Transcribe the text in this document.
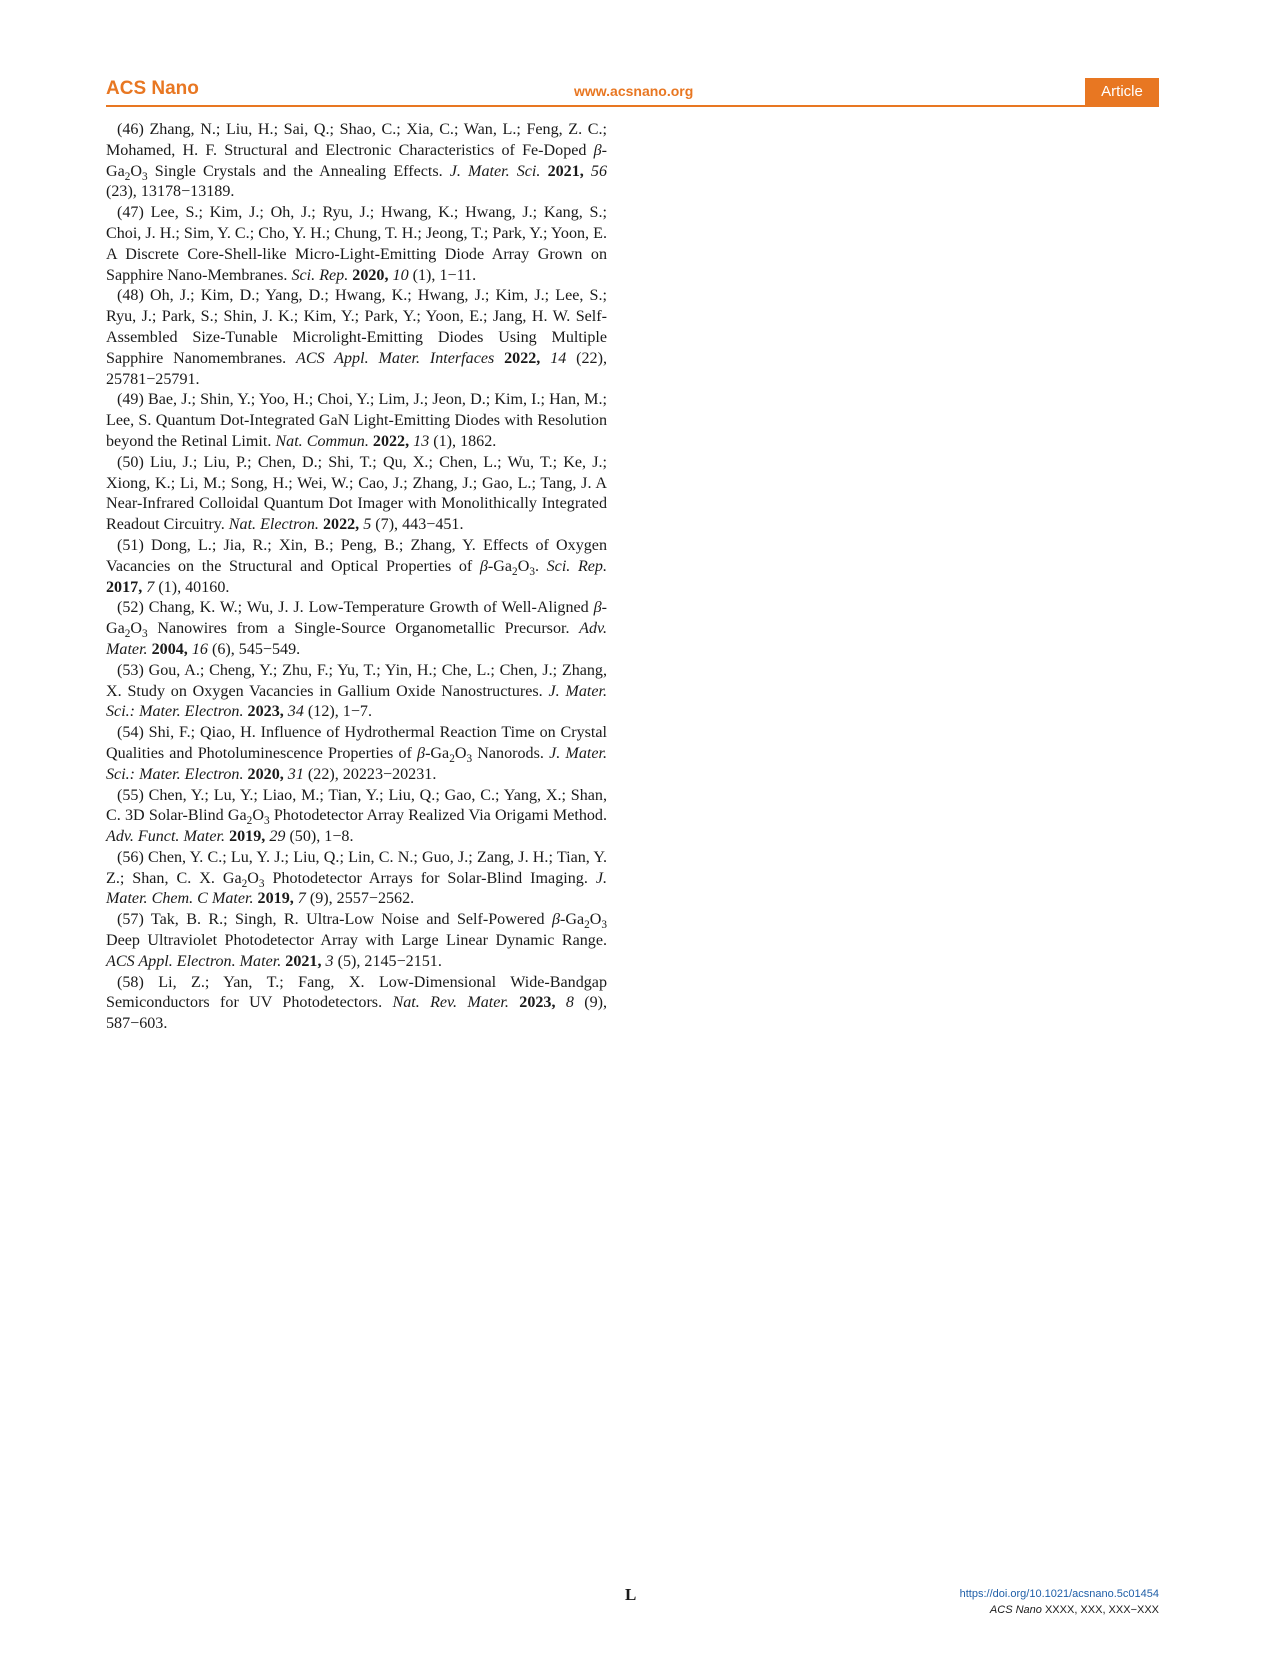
ACS Nano	www.acsnano.org	Article

(46) Zhang, N.; Liu, H.; Sai, Q.; Shao, C.; Xia, C.; Wan, L.; Feng, Z. C.; Mohamed, H. F. Structural and Electronic Characteristics of Fe-Doped β- $Ga_2O_3$ Single Crystals and the Annealing Effects. J. Mater. Sci. 2021, 56 (23), 13178−13189.

(47) Lee, S.; Kim, J.; Oh, J.; Ryu, J.; Hwang, K.; Hwang, J.; Kang, S.; Choi, J. H.; Sim, Y. C.; Cho, Y. H.; Chung, T. H.; Jeong, T.; Park, Y.; Yoon, E. A Discrete Core-Shell-like Micro-Light-Emitting Diode Array Grown on Sapphire Nano-Membranes. Sci. Rep. 2020, 10 (1), 1−11.

(48) Oh, J.; Kim, D.; Yang, D.; Hwang, K.; Hwang, J.; Kim, J.; Lee, S.; Ryu, J.; Park, S.; Shin, J. K.; Kim, Y.; Park, Y.; Yoon, E.; Jang, H. W. Self-Assembled Size-Tunable Microlight-Emitting Diodes Using Multiple Sapphire Nanomembranes. ACS Appl. Mater. Interfaces 2022, 14 (22), 25781−25791.

(49) Bae, J.; Shin, Y.; Yoo, H.; Choi, Y.; Lim, J.; Jeon, D.; Kim, I.; Han, M.; Lee, S. Quantum Dot-Integrated GaN Light-Emitting Diodes with Resolution beyond the Retinal Limit. Nat. Commun. 2022, 13 (1), 1862.

(50) Liu, J.; Liu, P.; Chen, D.; Shi, T.; Qu, X.; Chen, L.; Wu, T.; Ke, J.; Xiong, K.; Li, M.; Song, H.; Wei, W.; Cao, J.; Zhang, J.; Gao, L.; Tang, J. A Near-Infrared Colloidal Quantum Dot Imager with Monolithically Integrated Readout Circuitry. Nat. Electron. 2022, 5 (7), 443−451.

(51) Dong, L.; Jia, R.; Xin, B.; Peng, B.; Zhang, Y. Effects of Oxygen Vacancies on the Structural and Optical Properties of $\beta-Ga_2O_3$. Sci. Rep. 2017, 7 (1), 40160.

(52) Chang, K. W.; Wu, J. J. Low-Temperature Growth of Well-Aligned $\beta-Ga_2O_3$ Nanowires from a Single-Source Organometallic Precursor. Adv. Mater. 2004, 16 (6), 545−549.

(53) Gou, A.; Cheng, Y.; Zhu, F.; Yu, T.; Yin, H.; Che, L.; Chen, J.; Zhang, X. Study on Oxygen Vacancies in Gallium Oxide Nanostructures. J. Mater. Sci.: Mater. Electron. 2023, 34 (12), 1−7.

(54) Shi, F.; Qiao, H. Influence of Hydrothermal Reaction Time on Crystal Qualities and Photoluminescence Properties of $\beta-Ga_2O_3$ Nanorods. J. Mater. Sci.: Mater. Electron. 2020, 31 (22), 20223−20231.

(55) Chen, Y.; Lu, Y.; Liao, M.; Tian, Y.; Liu, Q.; Gao, C.; Yang, X.; Shan, C. 3D Solar-Blind $Ga_2O_3$ Photodetector Array Realized Via Origami Method. Adv. Funct. Mater. 2019, 29 (50), 1−8.

(56) Chen, Y. C.; Lu, Y. J.; Liu, Q.; Lin, C. N.; Guo, J.; Zang, J. H.; Tian, Y. Z.; Shan, C. X. $Ga_2O_3$ Photodetector Arrays for Solar-Blind Imaging. J. Mater. Chem. C Mater. 2019, 7 (9), 2557−2562.

(57) Tak, B. R.; Singh, R. Ultra-Low Noise and Self-Powered $\beta-Ga_2O_3$ Deep Ultraviolet Photodetector Array with Large Linear Dynamic Range. ACS Appl. Electron. Mater. 2021, 3 (5), 2145−2151.

(58) Li, Z.; Yan, T.; Fang, X. Low-Dimensional Wide-Bandgap Semiconductors for UV Photodetectors. Nat. Rev. Mater. 2023, 8 (9), 587−603.

L	https://doi.org/10.1021/acsnano.5c01454
ACS Nano XXXX, XXX, XXX−XXX
